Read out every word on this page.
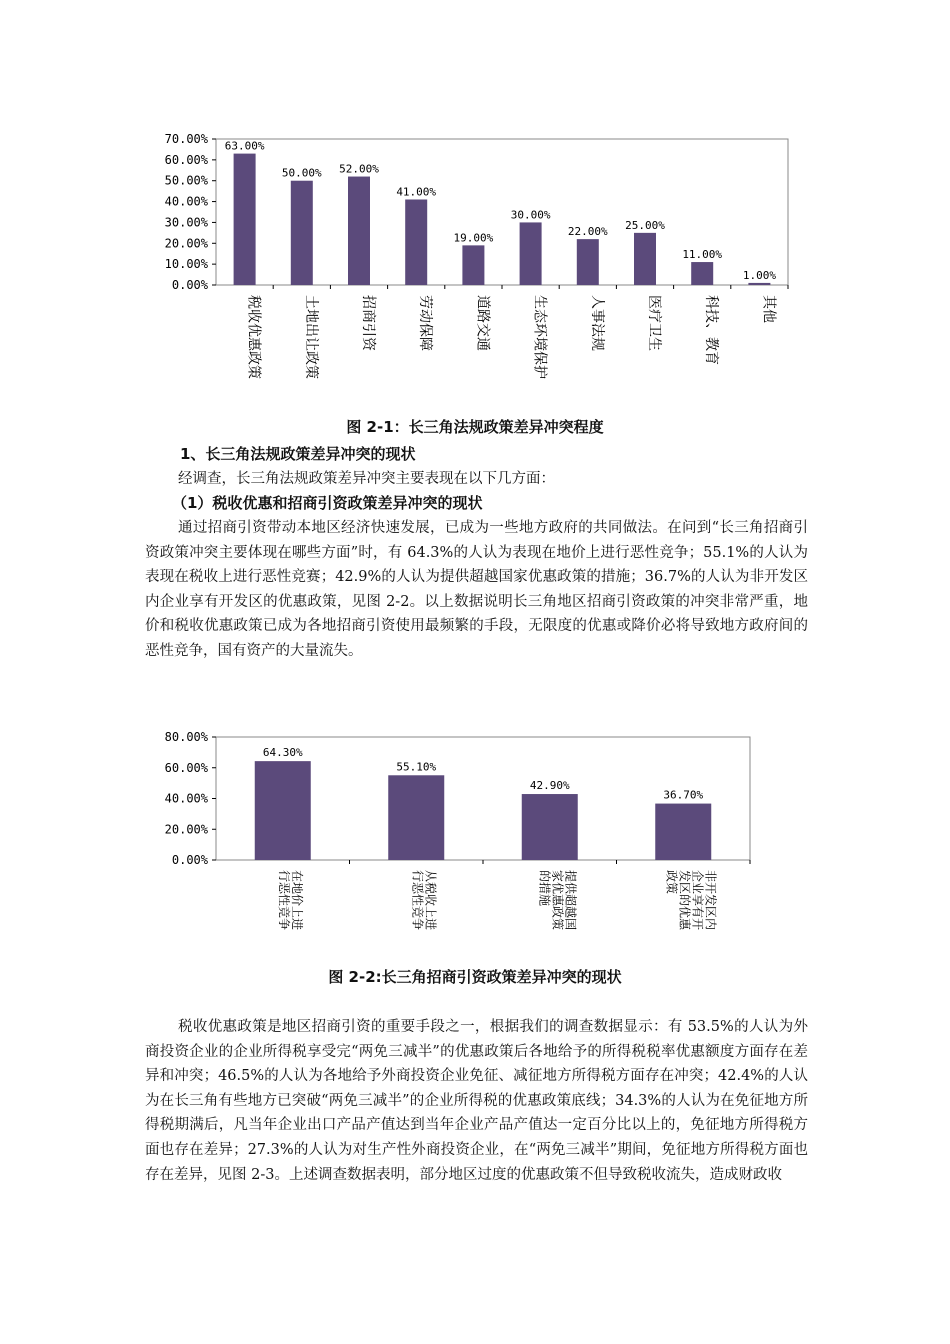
0.00%
10.00%
20.00%
30.00%
40.00%
50.00%
60.00%
70.00%
63.00%
税收优惠政策
50.00%
土地出让政策
52.00%
招商引资
41.00%
劳动保障
19.00%
道路交通
30.00%
生态环境保护
22.00%
人事法规
25.00%
医疗卫生
11.00%
科技、教育
1.00%
其他
图 2-1：长三角法规政策差异冲突程度
1、长三角法规政策差异冲突的现状
经调查，长三角法规政策差异冲突主要表现在以下几方面：
（1）税收优惠和招商引资政策差异冲突的现状

通过招商引资带动本地区经济快速发展，已成为一些地方政府的共同做法。在问到“长三角招商引资政策冲突主要体现在哪些方面”时，有 64.3%的人认为表现在地价上进行恶性竞争；55.1%的人认为表现在税收上进行恶性竞赛；42.9%的人认为提供超越国家优惠政策的措施；36.7%的人认为非开发区内企业享有开发区的优惠政策，见图 2-2。以上数据说明长三角地区招商引资政策的冲突非常严重，地价和税收优惠政策已成为各地招商引资使用最频繁的手段，无限度的优惠或降价必将导致地方政府间的恶性竞争，国有资产的大量流失。

0.00%
20.00%
40.00%
60.00%
80.00%
64.30%
在地价上进
行恶性竞争
55.10%
从税收上进
行恶性竞争
42.90%
提供超越国
家优惠政策
的措施
36.70%
非开发区内
企业享有开
发区的优惠
政策
图 2-2:长三角招商引资政策差异冲突的现状

税收优惠政策是地区招商引资的重要手段之一，根据我们的调查数据显示：有 53.5%的人认为外商投资企业的企业所得税享受完“两免三减半”的优惠政策后各地给予的所得税税率优惠额度方面存在差异和冲突；46.5%的人认为各地给予外商投资企业免征、减征地方所得税方面存在冲突；42.4%的人认为在长三角有些地方已突破“两免三减半”的企业所得税的优惠政策底线；34.3%的人认为在免征地方所得税期满后，凡当年企业出口产品产值达到当年企业产品产值达一定百分比以上的，免征地方所得税方面也存在差异；27.3%的人认为对生产性外商投资企业，在“两免三减半”期间，免征地方所得税方面也存在差异，见图 2-3。上述调查数据表明，部分地区过度的优惠政策不但导致税收流失，造成财政收
